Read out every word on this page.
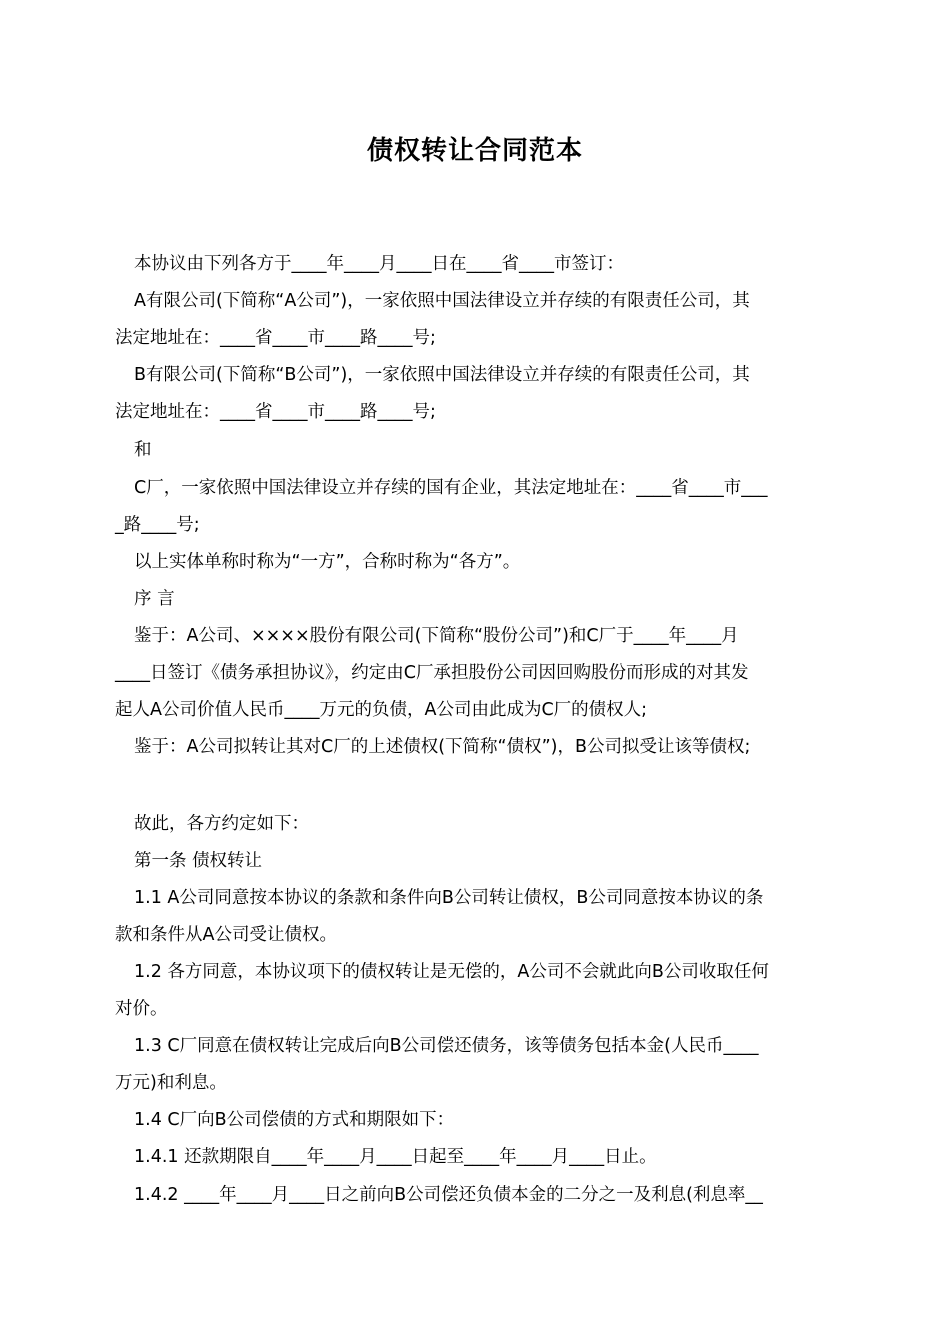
债权转让合同范本

本协议由下列各方于____年____月____日在____省____市签订：

A有限公司(下简称“A公司”)，一家依照中国法律设立并存续的有限责任公司，其

法定地址在：____省____市____路____号;

B有限公司(下简称“B公司”)，一家依照中国法律设立并存续的有限责任公司，其

法定地址在：____省____市____路____号;

和

C厂，一家依照中国法律设立并存续的国有企业，其法定地址在：____省____市___

_路____号;

以上实体单称时称为“一方”，合称时称为“各方”。

序 言

鉴于：A公司、××××股份有限公司(下简称“股份公司”)和C厂于____年____月

____日签订《债务承担协议》，约定由C厂承担股份公司因回购股份而形成的对其发

起人A公司价值人民币____万元的负债，A公司由此成为C厂的债权人;

鉴于：A公司拟转让其对C厂的上述债权(下简称“债权”)，B公司拟受让该等债权;

故此，各方约定如下：

第一条 债权转让

1.1 A公司同意按本协议的条款和条件向B公司转让债权，B公司同意按本协议的条

款和条件从A公司受让债权。

1.2 各方同意，本协议项下的债权转让是无偿的，A公司不会就此向B公司收取任何

对价。

1.3 C厂同意在债权转让完成后向B公司偿还债务，该等债务包括本金(人民币____

万元)和利息。

1.4 C厂向B公司偿债的方式和期限如下：

1.4.1 还款期限自____年____月____日起至____年____月____日止。

1.4.2 ____年____月____日之前向B公司偿还负债本金的二分之一及利息(利息率__
